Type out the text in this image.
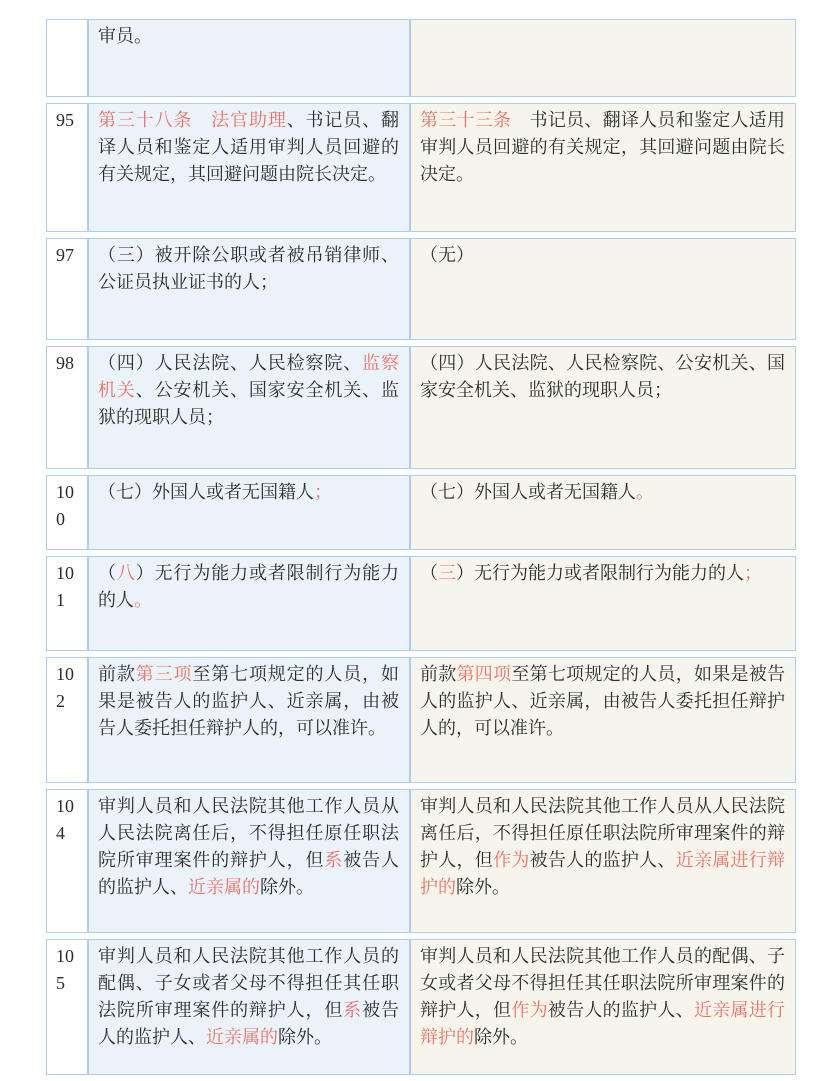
	审员。	
95	第三十八条　 法官助理、书记员、翻译人员和鉴定人适用审判人员回避的有关规定，其回避问题由院长决定。	第三十三条　书记员、翻译人员和鉴定人适用审判人员回避的有关规定，其回避问题由院长决定。
97	（三）被开除公职或者被吊销律师、公证员执业证书的人；	（无）
98	（四）人民法院、人民检察院、监察机关、公安机关、国家安全机关、监狱的现职人员；	（四）人民法院、人民检察院、公安机关、国家安全机关、监狱的现职人员；
100	（七）外国人或者无国籍人；	（七）外国人或者无国籍人。
101	（八）无行为能力或者限制行为能力的人。	（三）无行为能力或者限制行为能力的人；
102	前款第三项至第七项规定的人员，如果是被告人的监护人、近亲属，由被告人委托担任辩护人的，可以准许。	前款第四项至第七项规定的人员，如果是被告人的监护人、近亲属，由被告人委托担任辩护人的，可以准许。
104	审判人员和人民法院其他工作人员从人民法院离任后，不得担任原任职法院所审理案件的辩护人，但系被告人的监护人、近亲属的除外。	审判人员和人民法院其他工作人员从人民法院离任后，不得担任原任职法院所审理案件的辩护人，但作为被告人的监护人、近亲属进行辩护的除外。
105	审判人员和人民法院其他工作人员的配偶、子女或者父母不得担任其任职法院所审理案件的辩护人，但系被告人的监护人、近亲属的除外。	审判人员和人民法院其他工作人员的配偶、子女或者父母不得担任其任职法院所审理案件的辩护人，但作为被告人的监护人、近亲属进行辩护的除外。
